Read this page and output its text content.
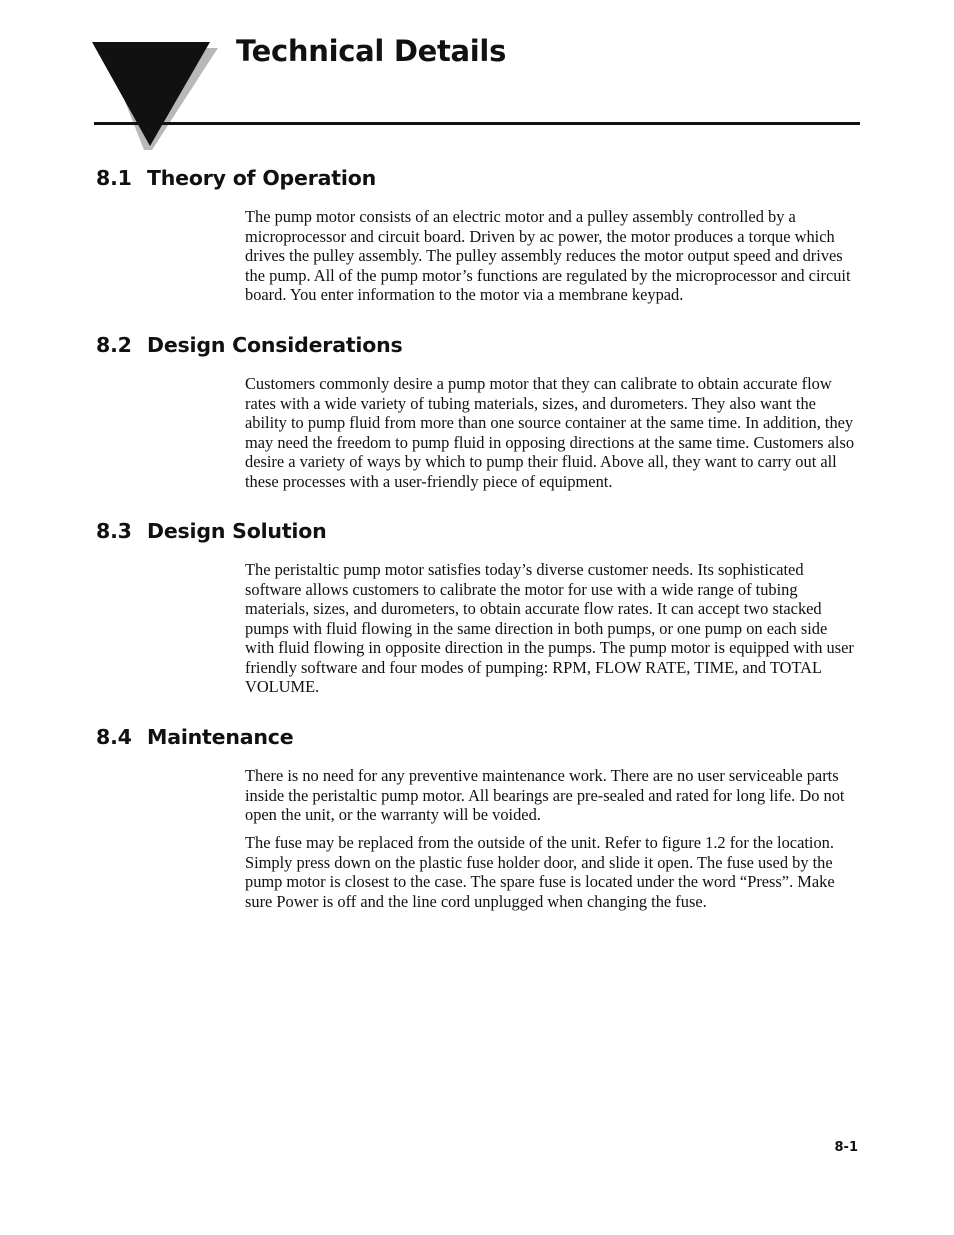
Technical Details
8.1 Theory of Operation

The pump motor consists of an electric motor and a pulley assembly controlled by a microprocessor and circuit board. Driven by ac power, the motor produces a torque which drives the pulley assembly. The pulley assembly reduces the motor output speed and drives the pump. All of the pump motor’s functions are regulated by the microprocessor and circuit board. You enter information to the motor via a membrane keypad.

8.2 Design Considerations

Customers commonly desire a pump motor that they can calibrate to obtain accurate flow rates with a wide variety of tubing materials, sizes, and durometers. They also want the ability to pump fluid from more than one source container at the same time. In addition, they may need the freedom to pump fluid in opposing directions at the same time. Customers also desire a variety of ways by which to pump their fluid. Above all, they want to carry out all these processes with a user-friendly piece of equipment.

8.3 Design Solution

The peristaltic pump motor satisfies today’s diverse customer needs. Its sophisticated software allows customers to calibrate the motor for use with a wide range of tubing materials, sizes, and durometers, to obtain accurate flow rates. It can accept two stacked pumps with fluid flowing in the same direction in both pumps, or one pump on each side with fluid flowing in opposite direction in the pumps. The pump motor is equipped with user friendly software and four modes of pumping: RPM, FLOW RATE, TIME, and TOTAL VOLUME.

8.4 Maintenance

There is no need for any preventive maintenance work. There are no user serviceable parts inside the peristaltic pump motor. All bearings are pre-sealed and rated for long life. Do not open the unit, or the warranty will be voided.

The fuse may be replaced from the outside of the unit. Refer to figure 1.2 for the location. Simply press down on the plastic fuse holder door, and slide it open. The fuse used by the pump motor is closest to the case. The spare fuse is located under the word “Press”. Make sure Power is off and the line cord unplugged when changing the fuse.

8-1
